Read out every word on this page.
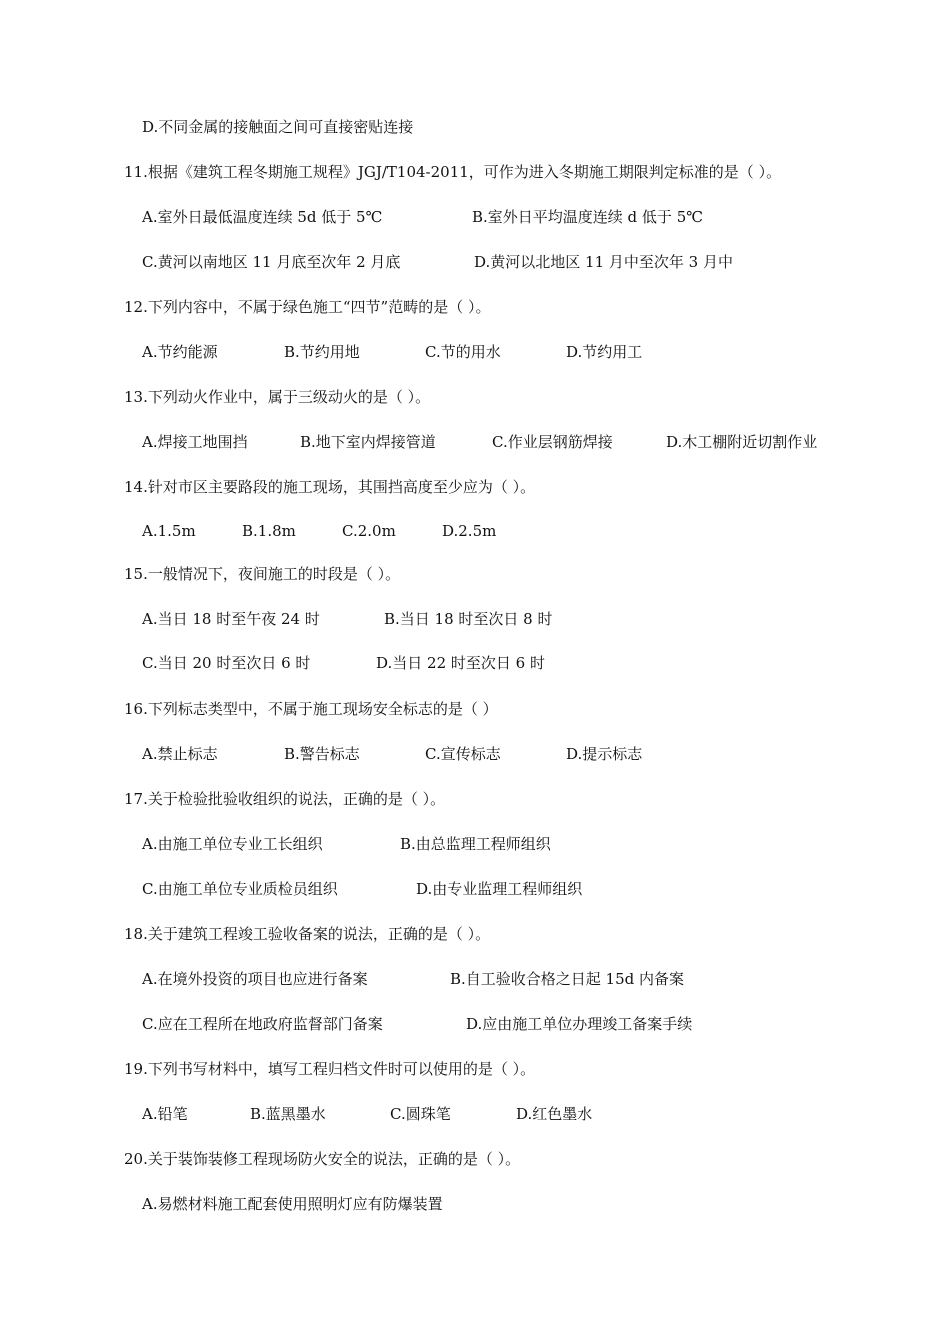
D.不同金属的接触面之间可直接密贴连接
11.根据《建筑工程冬期施工规程》JGJ/T104-2011，可作为进入冬期施工期限判定标准的是（ ）。
A.室外日最低温度连续 5d 低于 5℃	B.室外日平均温度连续 d 低于 5℃
C.黄河以南地区 11 月底至次年 2 月底	D.黄河以北地区 11 月中至次年 3 月中
12.下列内容中，不属于绿色施工“四节”范畴的是（ ）。
A.节约能源	B.节约用地	C.节的用水	D.节约用工
13.下列动火作业中，属于三级动火的是（ ）。
A.焊接工地围挡	B.地下室内焊接管道	C.作业层钢筋焊接	D.木工棚附近切割作业
14.针对市区主要路段的施工现场，其围挡高度至少应为（ ）。
A.1.5m	B.1.8m	C.2.0m	D.2.5m
15.一般情况下，夜间施工的时段是（ ）。
A.当日 18 时至午夜 24 时	B.当日 18 时至次日 8 时
C.当日 20 时至次日 6 时	D.当日 22 时至次日 6 时
16.下列标志类型中，不属于施工现场安全标志的是（ ）
A.禁止标志	B.警告标志	C.宣传标志	D.提示标志
17.关于检验批验收组织的说法，正确的是（ ）。
A.由施工单位专业工长组织	B.由总监理工程师组织
C.由施工单位专业质检员组织	D.由专业监理工程师组织
18.关于建筑工程竣工验收备案的说法，正确的是（ ）。
A.在境外投资的项目也应进行备案	B.自工验收合格之日起 15d 内备案
C.应在工程所在地政府监督部门备案	D.应由施工单位办理竣工备案手续
19.下列书写材料中，填写工程归档文件时可以使用的是（ ）。
A.铅笔	B.蓝黑墨水	C.圆珠笔	D.红色墨水
20.关于装饰装修工程现场防火安全的说法，正确的是（ ）。
A.易燃材料施工配套使用照明灯应有防爆装置
